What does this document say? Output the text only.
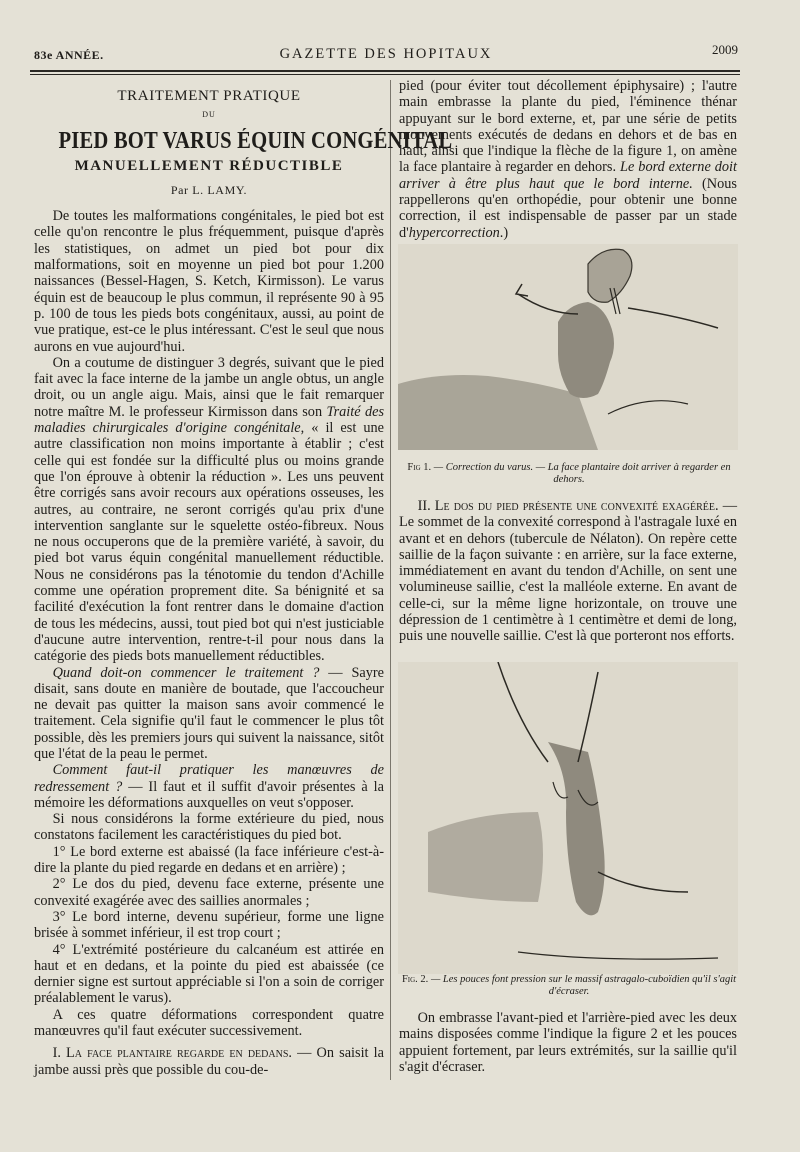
83e ANNÉE.	GAZETTE DES HOPITAUX	2009
TRAITEMENT PRATIQUE
DU
PIED BOT VARUS ÉQUIN CONGÉNITAL
MANUELLEMENT RÉDUCTIBLE
Par L. LAMY.

De toutes les malformations congénitales, le pied bot est celle qu'on rencontre le plus fréquemment, puisque d'après les statistiques, on admet un pied bot pour dix malformations, soit en moyenne un pied bot pour 1.200 naissances (Bessel-Hagen, S. Ketch, Kirmisson). Le varus équin est de beaucoup le plus commun, il représente 90 à 95 p. 100 de tous les pieds bots congénitaux, aussi, au point de vue pratique, est-ce le plus intéressant. C'est le seul que nous aurons en vue aujourd'hui.

On a coutume de distinguer 3 degrés, suivant que le pied fait avec la face interne de la jambe un angle obtus, un angle droit, ou un angle aigu. Mais, ainsi que le fait remarquer notre maître M. le professeur Kirmisson dans son Traité des maladies chirurgicales d'origine congénitale, « il est une autre classification non moins importante à établir ; c'est celle qui est fondée sur la difficulté plus ou moins grande que l'on éprouve à obtenir la réduction ». Les uns peuvent être corrigés sans avoir recours aux opérations osseuses, les autres, au contraire, ne seront corrigés qu'au prix d'une intervention sanglante sur le squelette ostéo-fibreux. Nous ne nous occuperons que de la première variété, à savoir, du pied bot varus équin congénital manuellement réductible. Nous ne considérons pas la ténotomie du tendon d'Achille comme une opération proprement dite. Sa bénignité et sa facilité d'exécution la font rentrer dans le domaine d'action de tous les médecins, aussi, tout pied bot qui n'est justiciable d'aucune autre intervention, rentre-t-il pour nous dans la catégorie des pieds bots manuellement réductibles.

Quand doit-on commencer le traitement ? — Sayre disait, sans doute en manière de boutade, que l'accoucheur ne devait pas quitter la maison sans avoir commencé le traitement. Cela signifie qu'il faut le commencer le plus tôt possible, dès les premiers jours qui suivent la naissance, sitôt que l'état de la peau le permet.

Comment faut-il pratiquer les manœuvres de redressement ? — Il faut et il suffit d'avoir présentes à la mémoire les déformations auxquelles on veut s'opposer.

Si nous considérons la forme extérieure du pied, nous constatons facilement les caractéristiques du pied bot.

1° Le bord externe est abaissé (la face inférieure c'est-à-dire la plante du pied regarde en dedans et en arrière) ;

2° Le dos du pied, devenu face externe, présente une convexité exagérée avec des saillies anormales ;

3° Le bord interne, devenu supérieur, forme une ligne brisée à sommet inférieur, il est trop court ;

4° L'extrémité postérieure du calcanéum est attirée en haut et en dedans, et la pointe du pied est abaissée (ce dernier signe est surtout appréciable si l'on a soin de corriger préalablement le varus).

A ces quatre déformations correspondent quatre manœuvres qu'il faut exécuter successivement.

I. La face plantaire regarde en dedans. — On saisit la jambe aussi près que possible du cou-de-

pied (pour éviter tout décollement épiphysaire) ; l'autre main embrasse la plante du pied, l'éminence thénar appuyant sur le bord externe, et, par une série de petits mouvements exécutés de dedans en dehors et de bas en haut, ainsi que l'indique la flèche de la figure 1, on amène la face plantaire à regarder en dehors. Le bord externe doit arriver à être plus haut que le bord interne. (Nous rappellerons qu'en orthopédie, pour obtenir une bonne correction, il est indispensable de passer par un stade d'hypercorrection.)

Fig 1. — Correction du varus. — La face plantaire doit arriver à regarder en dehors.

II. Le dos du pied présente une convexité exagérée. — Le sommet de la convexité correspond à l'astragale luxé en avant et en dehors (tubercule de Nélaton). On repère cette saillie de la façon suivante : en arrière, sur la face externe, immédiatement en avant du tendon d'Achille, on sent une volumineuse saillie, c'est la malléole externe. En avant de celle-ci, sur la même ligne horizontale, on trouve une dépression de 1 centimètre à 1 centimètre et demi de long, puis une nouvelle saillie. C'est là que porteront nos efforts.

Fig. 2. — Les pouces font pression sur le massif astragalo-cuboïdien qu'il s'agit d'écraser.

On embrasse l'avant-pied et l'arrière-pied avec les deux mains disposées comme l'indique la figure 2 et les pouces appuient fortement, par leurs extrémités, sur la saillie qu'il s'agit d'écraser.
